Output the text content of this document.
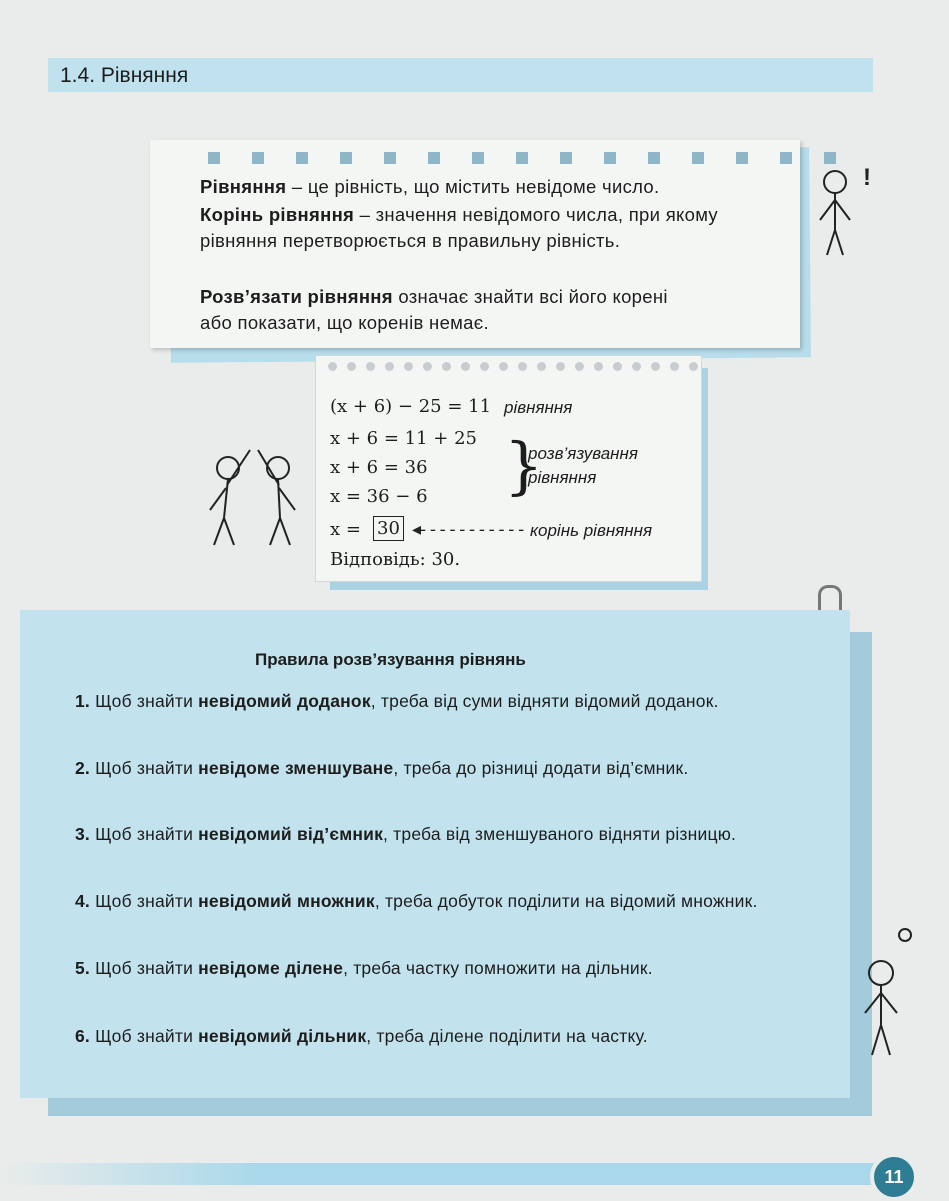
1.4. Рівняння
Рівняння – це рівність, що містить невідоме число.
Корінь рівняння – значення невідомого числа, при якому рівняння перетворюється в правильну рівність.
Розв’язати рівняння означає знайти всі його корені або показати, що коренів немає.
!
(x + 6) − 25 = 11 рівняння
x + 6 = 11 + 25
x + 6 = 36
x = 36 − 6 }
розв’язування
рівняння
x = 30 ◂- - - - - - - - - - - корінь рівняння
Відповідь: 30.
Правила розв’язування рівнянь
1. Щоб знайти невідомий доданок, треба від суми відняти відомий доданок.
2. Щоб знайти невідоме зменшуване, треба до різниці додати від’ємник.
3. Щоб знайти невідомий від’ємник, треба від зменшуваного відняти різницю.
4. Щоб знайти невідомий множник, треба добуток поділити на відомий множник.
5. Щоб знайти невідоме ділене, треба частку помножити на дільник.
6. Щоб знайти невідомий дільник, треба ділене поділити на частку.
11
